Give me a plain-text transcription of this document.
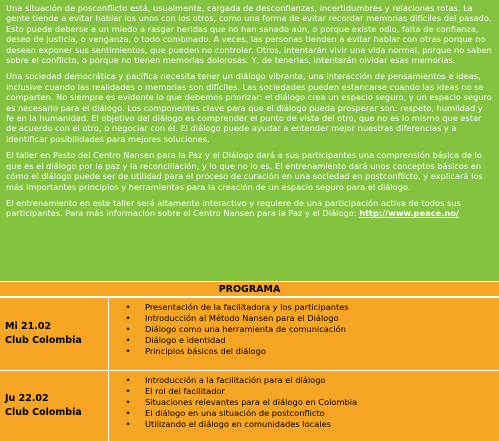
Una situación de posconflicto está, usualmente, cargada de desconfianzas, incertidumbres y relaciones rotas. La gente tiende a evitar hablar los unos con los otros, como una forma de evitar recordar memorias difíciles del pasado. Esto puede deberse a un miedo a rasgar heridas que no han sanado aún, o porque existe odio, falta de confianza, deseo de justicia, o venganza, o todo combinado. A veces, las personas tienden a evitar hablar con otras porque no desean exponer sus sentimientos, que pueden no controlar. Otros, intentarán vivir una vida normal, porque no saben sobre el conflicto, o porque no tienen memorias dolorosas. Y, de tenerlas, intentarán olvidar esas memorias.

Una sociedad democrática y pacífica necesita tener un diálogo vibrante, una interacción de pensamientos e ideas, inclusive cuando las realidades o memorias son difíciles. Las sociedades pueden estancarse cuando las ideas no se comparten. No siempre es evidente lo que debemos priorizar: el diálogo crea un espacio seguro, y un espacio seguro es necesario para el diálogo. Los componentes clave para que el diálogo pueda prosperar son: respeto, humildad y fe en la humanidad. El objetivo del diálogo es comprender el punto de vista del otro, que no es lo mismo que estar de acuerdo con el otro, o negociar con él. El diálogo puede ayudar a entender mejor nuestras diferencias y a identificar posibilidades para mejores soluciones.

El taller en Pasto del Centro Nansen para la Paz y el Diálogo dará a sus participantes una comprensión básica de lo que es el diálogo por la paz y la reconciliación, y lo que no lo es. El entrenamiento dará unos conceptos básicos en cómo el diálogo puede ser de utilidad para el proceso de curación en una sociedad en postconflicto, y explicará los más importantes principios y herramientas para la creación de un espacio seguro para el diálogo.

El entrenamiento en este taller será altamente interactivo y requiere de una participación activa de todos sus participantes. Para más información sobre el Centro Nansen para la Paz y el Diálogo: http://www.peace.no/

PROGRAMA
Mi 21.02
Club Colombia
•	Presentación de la facilitadora y los participantes
•	Introducción al Método Nansen para el Diálogo
•	Diálogo como una herramienta de comunicación
•	Diálogo e identidad
•	Principios básicos del diálogo
Ju 22.02
Club Colombia
•	Introducción a la facilitación para el diálogo
•	El rol del facilitador
•	Situaciones relevantes para el diálogo en Colombia
•	El diálogo en una situación de postconflicto
•	Utilizando el diálogo en comunidades locales
